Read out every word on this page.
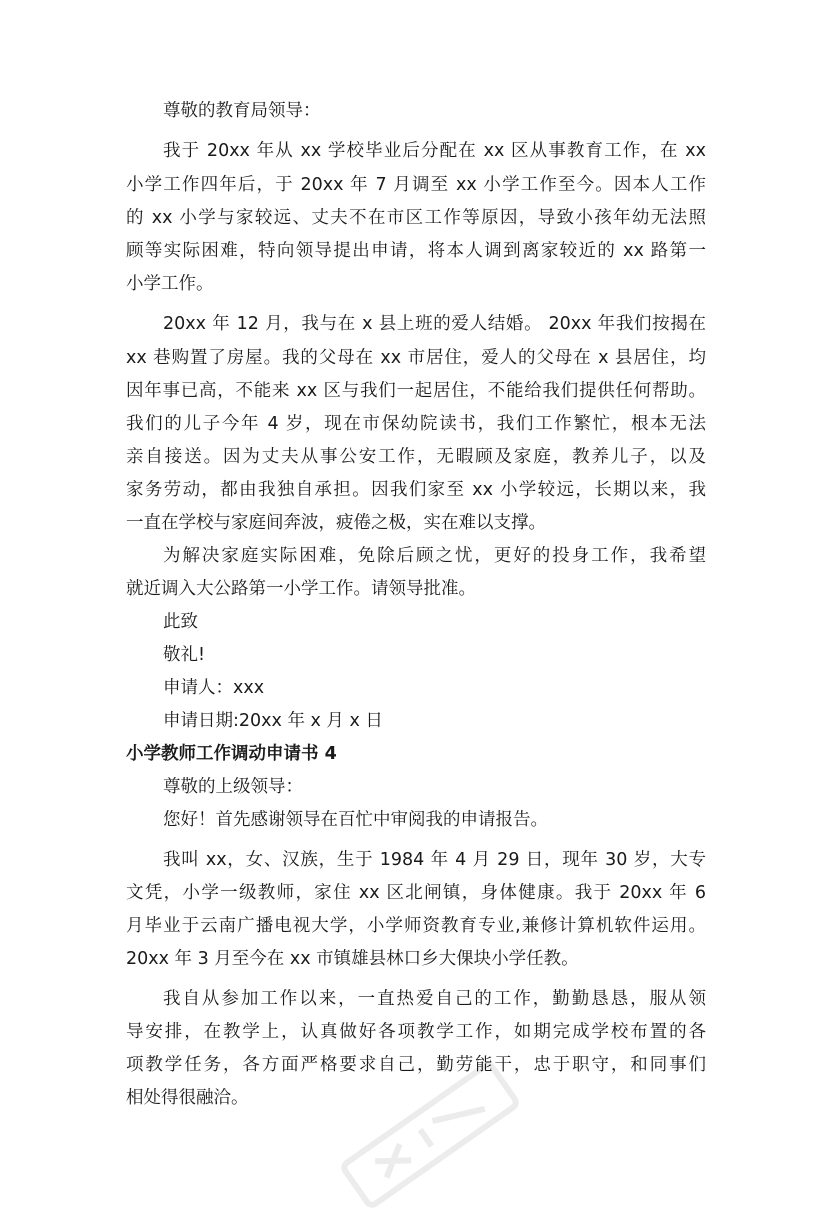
尊敬的教育局领导：
我于 20xx 年从 xx 学校毕业后分配在 xx 区从事教育工作，在 xx
小学工作四年后，于 20xx 年 7 月调至 xx 小学工作至今。因本人工作
的 xx 小学与家较远、丈夫不在市区工作等原因，导致小孩年幼无法照
顾等实际困难，特向领导提出申请，将本人调到离家较近的 xx 路第一
小学工作。
20xx 年 12 月，我与在 x 县上班的爱人结婚。 20xx 年我们按揭在
xx 巷购置了房屋。我的父母在 xx 市居住，爱人的父母在 x 县居住，均
因年事已高，不能来 xx 区与我们一起居住，不能给我们提供任何帮助。
我们的儿子今年 4 岁，现在市保幼院读书，我们工作繁忙，根本无法
亲自接送。因为丈夫从事公安工作，无暇顾及家庭，教养儿子，以及
家务劳动，都由我独自承担。因我们家至 xx 小学较远，长期以来，我
一直在学校与家庭间奔波，疲倦之极，实在难以支撑。
为解决家庭实际困难，免除后顾之忧，更好的投身工作，我希望
就近调入大公路第一小学工作。请领导批准。
此致
敬礼!
申请人：xxx
申请日期:20xx 年 x 月 x 日
小学教师工作调动申请书 4
尊敬的上级领导：
您好！首先感谢领导在百忙中审阅我的申请报告。
我叫 xx，女、汉族，生于 1984 年 4 月 29 日，现年 30 岁，大专
文凭，小学一级教师，家住 xx 区北闸镇，身体健康。我于 20xx 年 6
月毕业于云南广播电视大学，小学师资教育专业,兼修计算机软件运用。
20xx 年 3 月至今在 xx 市镇雄县林口乡大倮块小学任教。
我自从参加工作以来，一直热爱自己的工作，勤勤恳恳，服从领
导安排，在教学上，认真做好各项教学工作，如期完成学校布置的各
项教学任务，各方面严格要求自己，勤劳能干，忠于职守，和同事们
相处得很融洽。
